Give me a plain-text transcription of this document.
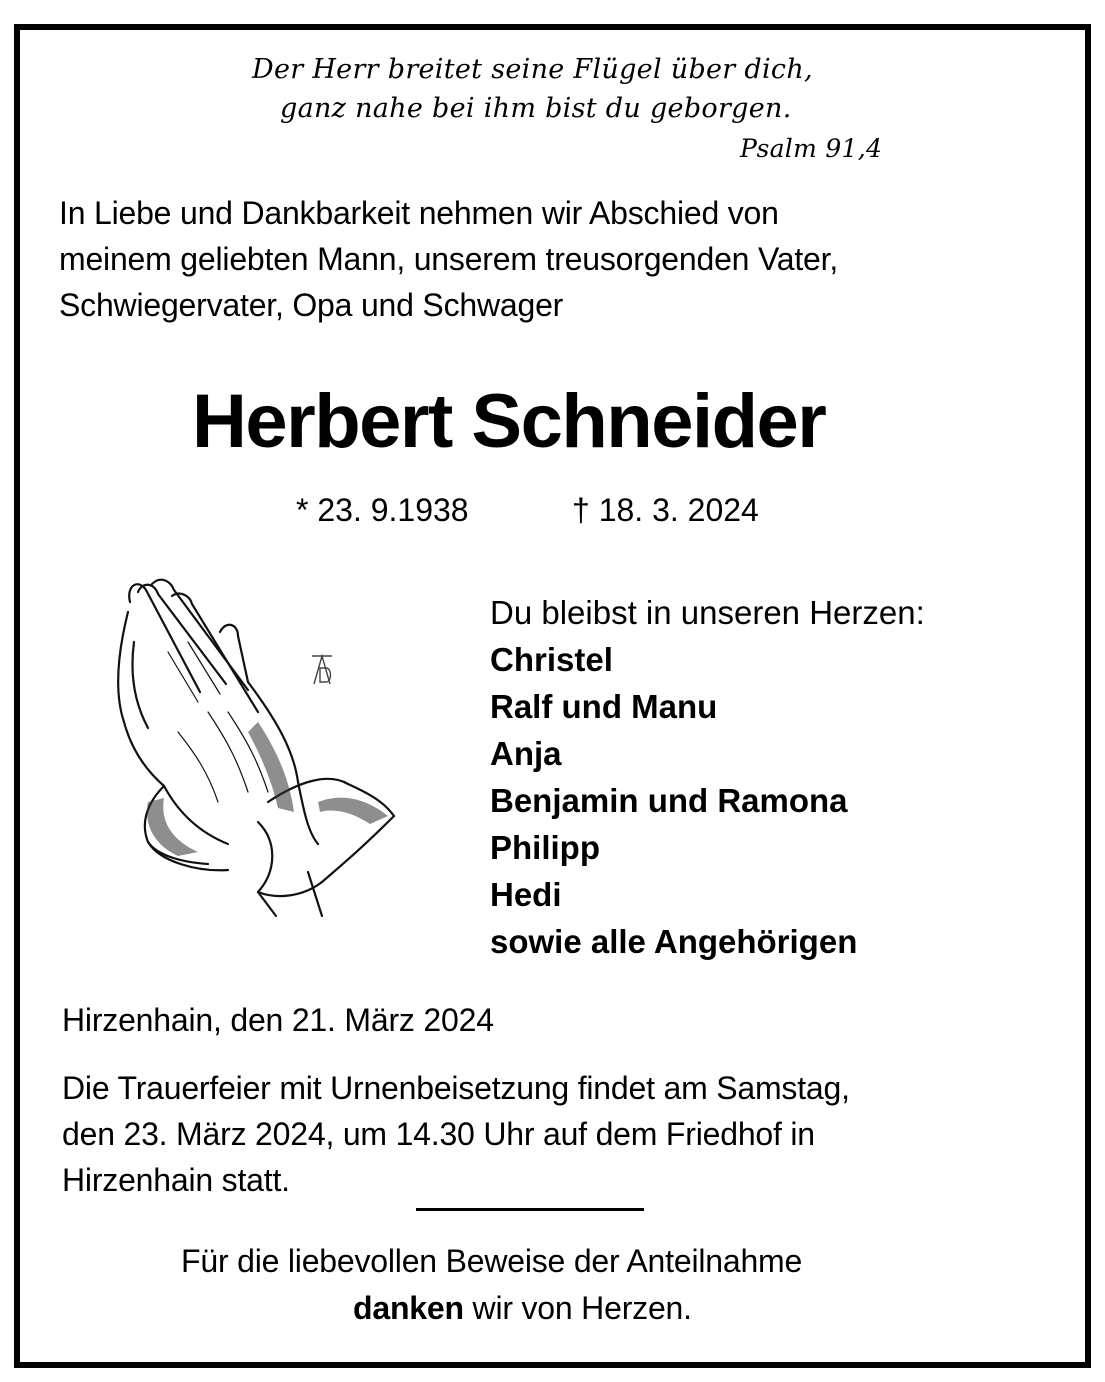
Der Herr breitet seine Flügel über dich,
ganz nahe bei ihm bist du geborgen.
Psalm 91,4
In Liebe und Dankbarkeit nehmen wir Abschied von
meinem geliebten Mann, unserem treusorgenden Vater,
Schwiegervater, Opa und Schwager
Herbert Schneider
* 23. 9.1938	† 18. 3. 2024
Du bleibst in unseren Herzen:
Christel
Ralf und Manu
Anja
Benjamin und Ramona
Philipp
Hedi
sowie alle Angehörigen
Hirzenhain, den 21. März 2024
Die Trauerfeier mit Urnenbeisetzung findet am Samstag,
den 23. März 2024, um 14.30 Uhr auf dem Friedhof in
Hirzenhain statt.
Für die liebevollen Beweise der Anteilnahme
danken wir von Herzen.
